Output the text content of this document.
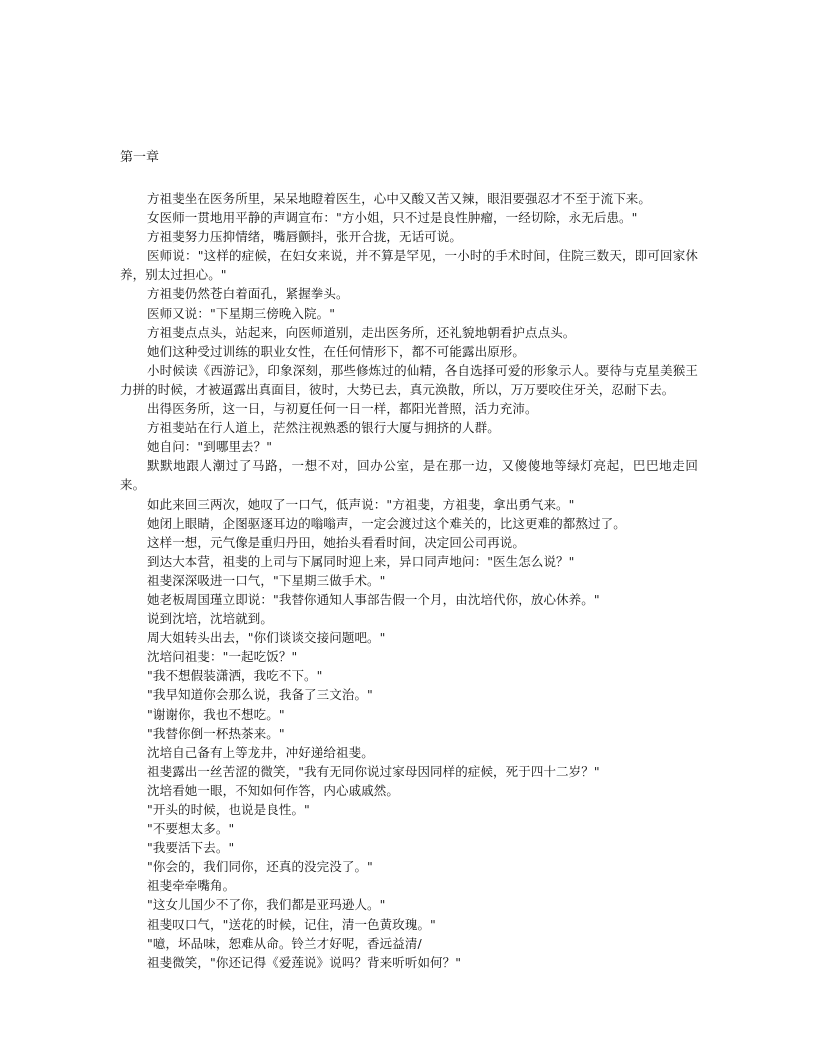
第一章

方祖斐坐在医务所里，呆呆地瞪着医生，心中又酸又苦又辣，眼泪要强忍才不至于流下来。

女医师一贯地用平静的声调宣布："方小姐，只不过是良性肿瘤，一经切除，永无后患。"

方祖斐努力压抑情绪，嘴唇颤抖，张开合拢，无话可说。

医师说："这样的症候，在妇女来说，并不算是罕见，一小时的手术时间，住院三数天，即可回家休养，别太过担心。"

方祖斐仍然苍白着面孔，紧握拳头。

医师又说："下星期三傍晚入院。"

方祖斐点点头，站起来，向医师道别，走出医务所，还礼貌地朝看护点点头。

她们这种受过训练的职业女性，在任何情形下，都不可能露出原形。

小时候读《西游记》，印象深刻，那些修炼过的仙精，各自选择可爱的形象示人。要待与克星美猴王力拼的时候，才被逼露出真面目，彼时，大势已去，真元涣散，所以，万万要咬住牙关，忍耐下去。

出得医务所，这一日，与初夏任何一日一样，都阳光普照，活力充沛。

方祖斐站在行人道上，茫然注视熟悉的银行大厦与拥挤的人群。

她自问："到哪里去？"

默默地跟人潮过了马路，一想不对，回办公室，是在那一边，又傻傻地等绿灯亮起，巴巴地走回来。

如此来回三两次，她叹了一口气，低声说："方祖斐，方祖斐，拿出勇气来。"

她闭上眼睛，企图驱逐耳边的嗡嗡声，一定会渡过这个难关的，比这更难的都熬过了。

这样一想，元气像是重归丹田，她抬头看看时间，决定回公司再说。

到达大本营，祖斐的上司与下属同时迎上来，异口同声地问："医生怎么说？"

祖斐深深吸进一口气，"下星期三做手术。"

她老板周国瑾立即说："我替你通知人事部告假一个月，由沈培代你，放心休养。"

说到沈培，沈培就到。

周大姐转头出去，"你们谈谈交接问题吧。"

沈培问祖斐："一起吃饭？"

"我不想假装潇洒，我吃不下。"

"我早知道你会那么说，我备了三文治。"

"谢谢你，我也不想吃。"

"我替你倒一杯热茶来。"

沈培自己备有上等龙井，冲好递给祖斐。

祖斐露出一丝苦涩的微笑，"我有无同你说过家母因同样的症候，死于四十二岁？"

沈培看她一眼，不知如何作答，内心戚戚然。

"开头的时候，也说是良性。"

"不要想太多。"

"我要活下去。"

"你会的，我们同你，还真的没完没了。"

祖斐牵牵嘴角。

"这女儿国少不了你，我们都是亚玛逊人。"

祖斐叹口气，"送花的时候，记住，清一色黄玫瑰。"

"噫，坏品味，恕难从命。铃兰才好呢，香远益清/

祖斐微笑，"你还记得《爱莲说》说吗？背来听听如何？"
